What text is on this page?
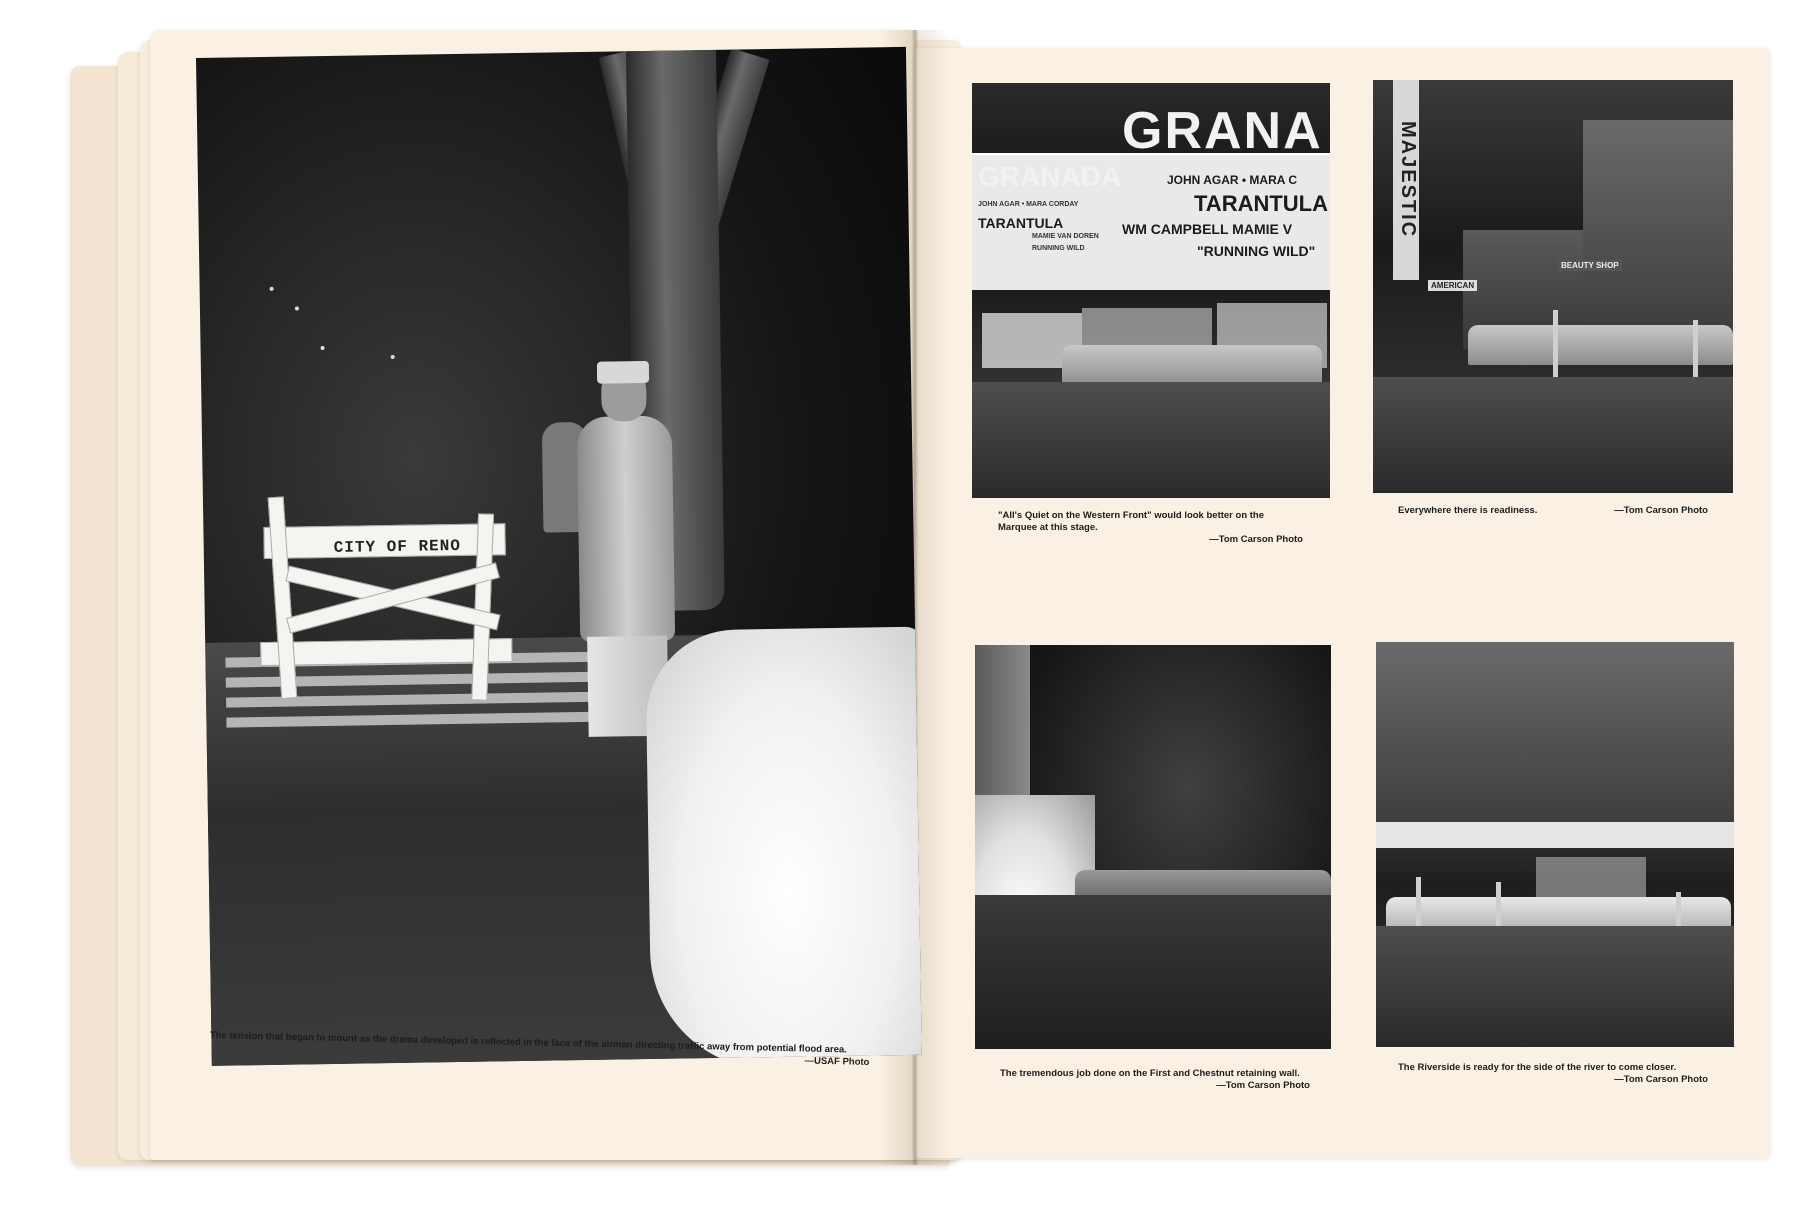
CITY OF RENO
The tension that began to mount as the drama developed is reflected in the face of the airman directing traffic away from potential flood area.
—USAF Photo
GRANA
GRANADA	JOHN AGAR • MARA C
TARANTULA
WM CAMPBELL MAMIE V
"RUNNING WILD"
JOHN AGAR • MARA CORDAY
TARANTULA
MAMIE VAN DOREN
RUNNING WILD
"All's Quiet on the Western Front" would look better on the Marquee at this stage.
—Tom Carson Photo
MAJESTIC
BEAUTY SHOP
AMERICAN
Everywhere there is readiness.	—Tom Carson Photo
The tremendous job done on the First and Chestnut retaining wall.
—Tom Carson Photo
The Riverside is ready for the side of the river to come closer.
—Tom Carson Photo
